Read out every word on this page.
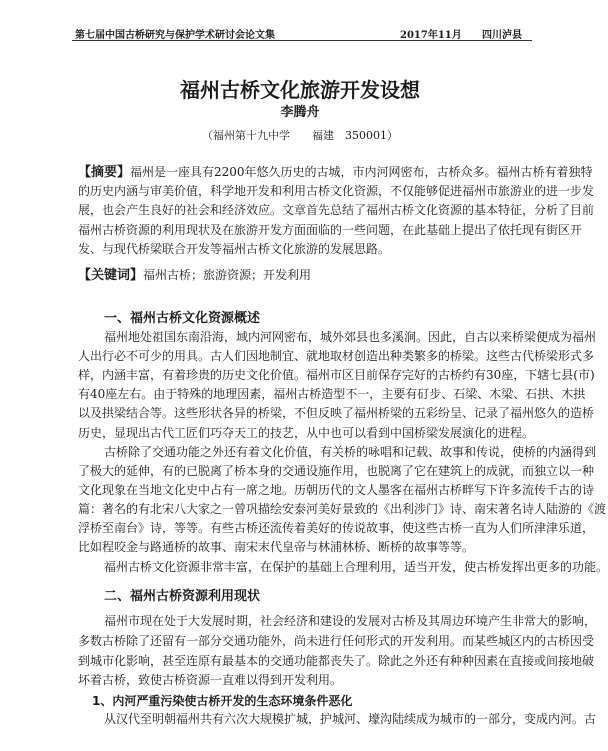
第七届中国古桥研究与保护学术研讨会论文集	2017年11月 四川泸县
福州古桥文化旅游开发设想
李腾舟
（福州第十九中学　　福建　350001）
【摘要】福州是一座具有2200年悠久历史的古城，市内河网密布，古桥众多。福州古桥有着独特
的历史内涵与审美价值，科学地开发和利用古桥文化资源，不仅能够促进福州市旅游业的进一步发
展，也会产生良好的社会和经济效应。文章首先总结了福州古桥文化资源的基本特征，分析了目前
福州古桥资源的利用现状及在旅游开发方面面临的一些问题，在此基础上提出了依托现有街区开
发、与现代桥梁联合开发等福州古桥文化旅游的发展思路。
【关键词】福州古桥；旅游资源；开发利用
一、福州古桥文化资源概述
福州地处祖国东南沿海，域内河网密布，城外郊县也多溪涧。因此，自古以来桥梁便成为福州
人出行必不可少的用具。古人们因地制宜、就地取材创造出种类繁多的桥梁。这些古代桥梁形式多
样，内涵丰富，有着珍贵的历史文化价值。福州市区目前保存完好的古桥约有30座，下辖七县(市)
有40座左右。由于特殊的地理因素，福州古桥造型不一，主要有矴步、石梁、木梁、石拱、木拱
以及拱梁结合等。这些形状各异的桥梁，不但反映了福州桥梁的五彩纷呈、记录了福州悠久的造桥
历史，显现出古代工匠们巧夺天工的技艺，从中也可以看到中国桥梁发展演化的进程。
古桥除了交通功能之外还有着文化价值，有关桥的咏唱和记载、故事和传说，使桥的内涵得到
了极大的延伸，有的已脱离了桥本身的交通设施作用，也脱离了它在建筑上的成就，而独立以一种
文化现象在当地文化史中占有一席之地。历朝历代的文人墨客在福州古桥畔写下许多流传千古的诗
篇：著名的有北宋八大家之一曾巩描绘安泰河美好景致的《出利涉门》诗、南宋著名诗人陆游的《渡
浮桥至南台》诗，等等。有些古桥还流传着美好的传说故事，使这些古桥一直为人们所津津乐道，
比如程咬金与路通桥的故事、南宋末代皇帝与林浦林桥、断桥的故事等等。
福州古桥文化资源非常丰富，在保护的基础上合理利用，适当开发，使古桥发挥出更多的功能。
二、福州古桥资源利用现状
福州市现在处于大发展时期，社会经济和建设的发展对古桥及其周边环境产生非常大的影响，
多数古桥除了还留有一部分交通功能外，尚未进行任何形式的开发利用。而某些城区内的古桥因受
到城市化影响，甚至连原有最基本的交通功能都丧失了。除此之外还有种种因素在直接或间接地破
坏着古桥，致使古桥资源一直难以得到开发利用。
1、内河严重污染使古桥开发的生态环境条件恶化
从汉代至明朝福州共有六次大规模扩城，护城河、壕沟陆续成为城市的一部分，变成内河。古
